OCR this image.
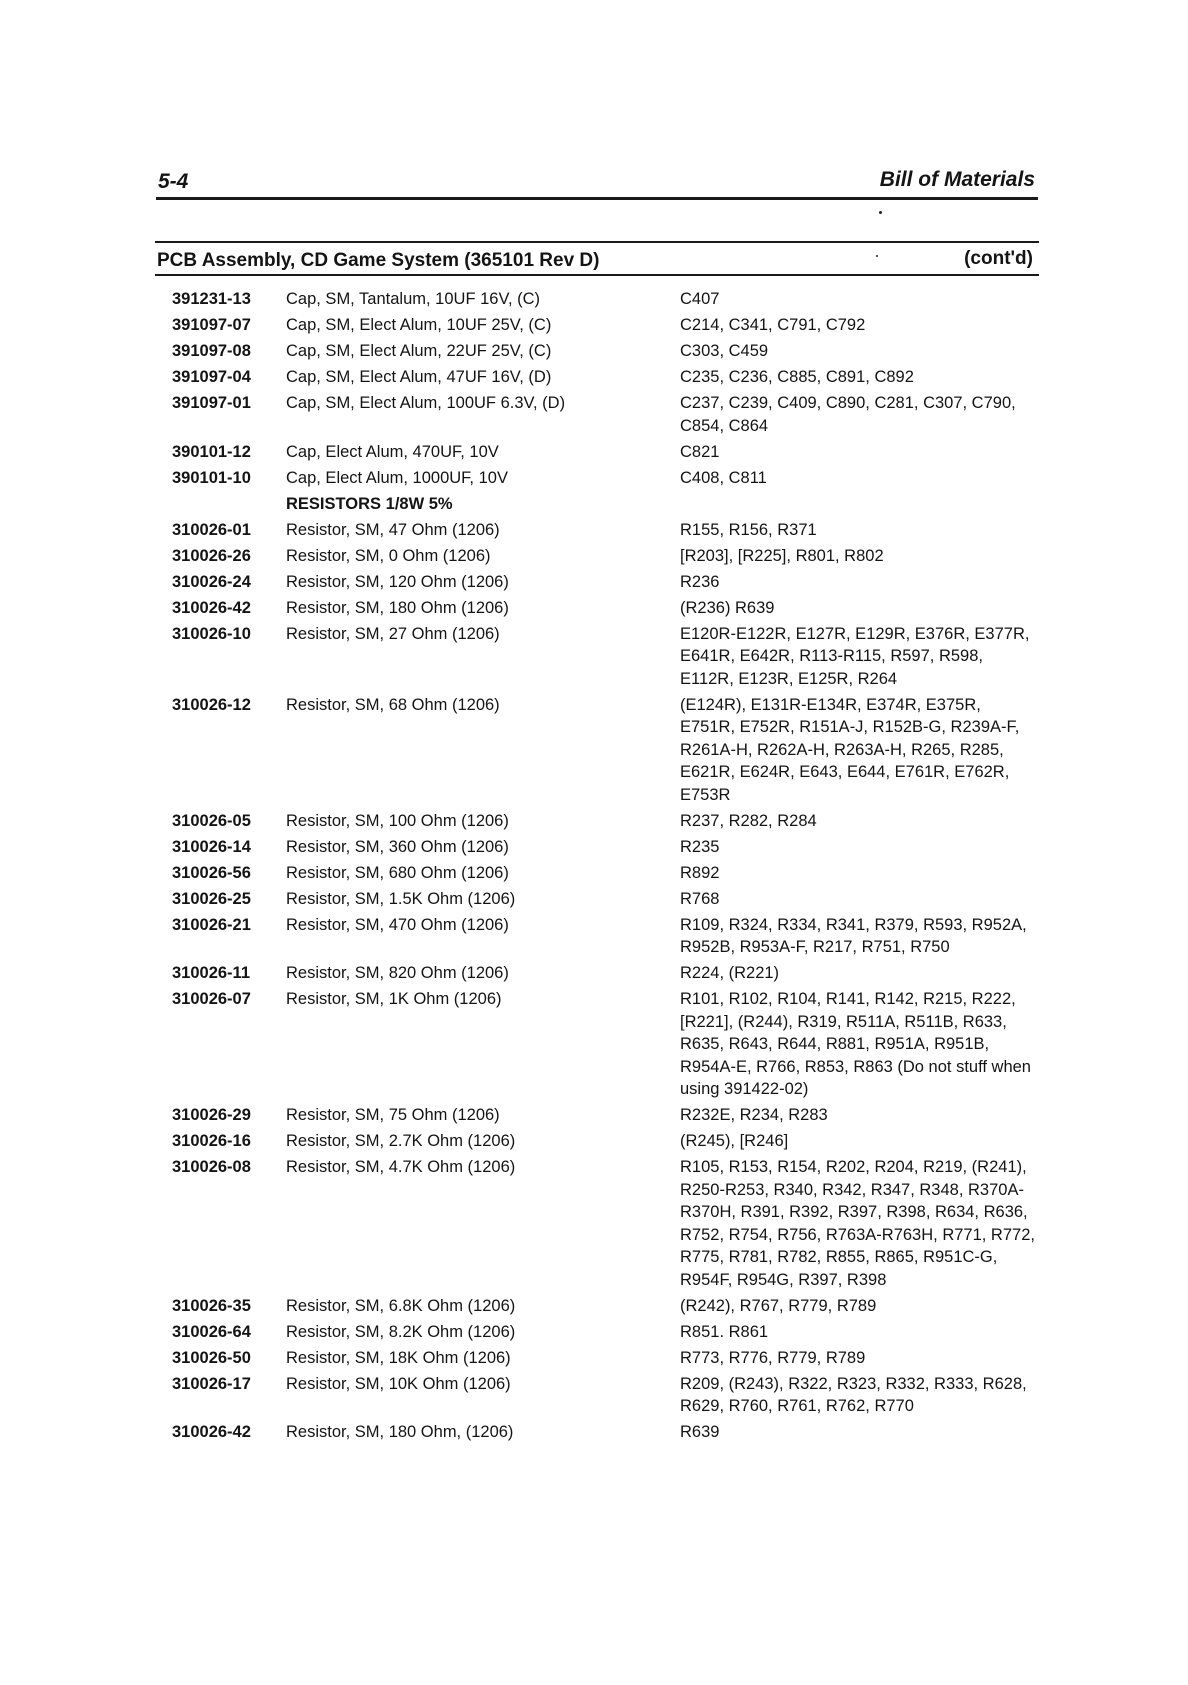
5-4	Bill of Materials
PCB Assembly, CD Game System (365101 Rev D)	(cont'd)
391231-13	Cap, SM, Tantalum, 10UF 16V, (C)	C407
391097-07	Cap, SM, Elect Alum, 10UF 25V, (C)	C214, C341, C791, C792
391097-08	Cap, SM, Elect Alum, 22UF 25V, (C)	C303, C459
391097-04	Cap, SM, Elect Alum, 47UF 16V, (D)	C235, C236, C885, C891, C892
391097-01	Cap, SM, Elect Alum, 100UF 6.3V, (D)	C237, C239, C409, C890, C281, C307, C790, C854, C864
390101-12	Cap, Elect Alum, 470UF, 10V	C821
390101-10	Cap, Elect Alum, 1000UF, 10V	C408, C811
RESISTORS 1/8W 5%
310026-01	Resistor, SM, 47 Ohm (1206)	R155, R156, R371
310026-26	Resistor, SM, 0 Ohm (1206)	[R203], [R225], R801, R802
310026-24	Resistor, SM, 120 Ohm (1206)	R236
310026-42	Resistor, SM, 180 Ohm (1206)	(R236) R639
310026-10	Resistor, SM, 27 Ohm (1206)	E120R-E122R, E127R, E129R, E376R, E377R, E641R, E642R, R113-R115, R597, R598, E112R, E123R, E125R, R264
310026-12	Resistor, SM, 68 Ohm (1206)	(E124R), E131R-E134R, E374R, E375R, E751R, E752R, R151A-J, R152B-G, R239A-F, R261A-H, R262A-H, R263A-H, R265, R285, E621R, E624R, E643, E644, E761R, E762R, E753R
310026-05	Resistor, SM, 100 Ohm (1206)	R237, R282, R284
310026-14	Resistor, SM, 360 Ohm (1206)	R235
310026-56	Resistor, SM, 680 Ohm (1206)	R892
310026-25	Resistor, SM, 1.5K Ohm (1206)	R768
310026-21	Resistor, SM, 470 Ohm (1206)	R109, R324, R334, R341, R379, R593, R952A, R952B, R953A-F, R217, R751, R750
310026-11	Resistor, SM, 820 Ohm (1206)	R224, (R221)
310026-07	Resistor, SM, 1K Ohm (1206)	R101, R102, R104, R141, R142, R215, R222, [R221], (R244), R319, R511A, R511B, R633, R635, R643, R644, R881, R951A, R951B, R954A-E, R766, R853, R863 (Do not stuff when using 391422-02)
310026-29	Resistor, SM, 75 Ohm (1206)	R232E, R234, R283
310026-16	Resistor, SM, 2.7K Ohm (1206)	(R245), [R246]
310026-08	Resistor, SM, 4.7K Ohm (1206)	R105, R153, R154, R202, R204, R219, (R241), R250-R253, R340, R342, R347, R348, R370A-R370H, R391, R392, R397, R398, R634, R636, R752, R754, R756, R763A-R763H, R771, R772, R775, R781, R782, R855, R865, R951C-G, R954F, R954G, R397, R398
310026-35	Resistor, SM, 6.8K Ohm (1206)	(R242), R767, R779, R789
310026-64	Resistor, SM, 8.2K Ohm (1206)	R851. R861
310026-50	Resistor, SM, 18K Ohm (1206)	R773, R776, R779, R789
310026-17	Resistor, SM, 10K Ohm (1206)	R209, (R243), R322, R323, R332, R333, R628, R629, R760, R761, R762, R770
310026-42	Resistor, SM, 180 Ohm, (1206)	R639
